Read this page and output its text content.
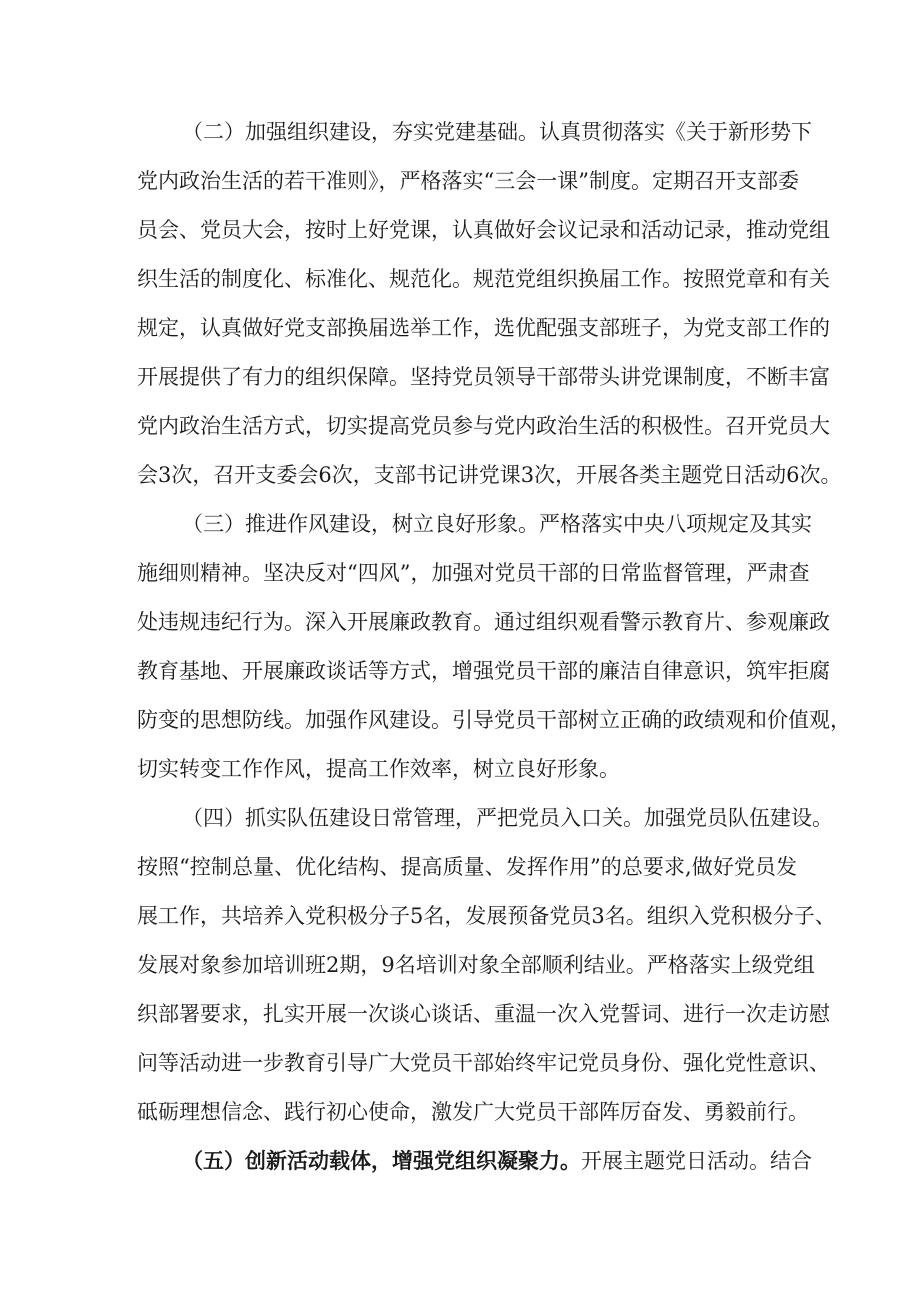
（二）加强组织建设，夯实党建基础。认真贯彻落实《关于新形势下
党内政治生活的若干准则》，严格落实“三会一课”制度。定期召开支部委
员会、党员大会，按时上好党课，认真做好会议记录和活动记录，推动党组
织生活的制度化、标准化、规范化。规范党组织换届工作。按照党章和有关
规定，认真做好党支部换届选举工作，选优配强支部班子，为党支部工作的
开展提供了有力的组织保障。坚持党员领导干部带头讲党课制度，不断丰富
党内政治生活方式，切实提高党员参与党内政治生活的积极性。召开党员大
会3次，召开支委会6次，支部书记讲党课3次，开展各类主题党日活动6次。
（三）推进作风建设，树立良好形象。严格落实中央八项规定及其实
施细则精神。坚决反对“四风”，加强对党员干部的日常监督管理，严肃查
处违规违纪行为。深入开展廉政教育。通过组织观看警示教育片、参观廉政
教育基地、开展廉政谈话等方式，增强党员干部的廉洁自律意识，筑牢拒腐
防变的思想防线。加强作风建设。引导党员干部树立正确的政绩观和价值观，
切实转变工作作风，提高工作效率，树立良好形象。
（四）抓实队伍建设日常管理，严把党员入口关。加强党员队伍建设。
按照“控制总量、优化结构、提高质量、发挥作用”的总要求,做好党员发
展工作，共培养入党积极分子5名，发展预备党员3名。组织入党积极分子、
发展对象参加培训班2期，9名培训对象全部顺利结业。严格落实上级党组
织部署要求，扎实开展一次谈心谈话、重温一次入党誓词、进行一次走访慰
问等活动进一步教育引导广大党员干部始终牢记党员身份、强化党性意识、
砥砺理想信念、践行初心使命，激发广大党员干部阵厉奋发、勇毅前行。
（五）创新活动载体，增强党组织凝聚力。开展主题党日活动。结合
